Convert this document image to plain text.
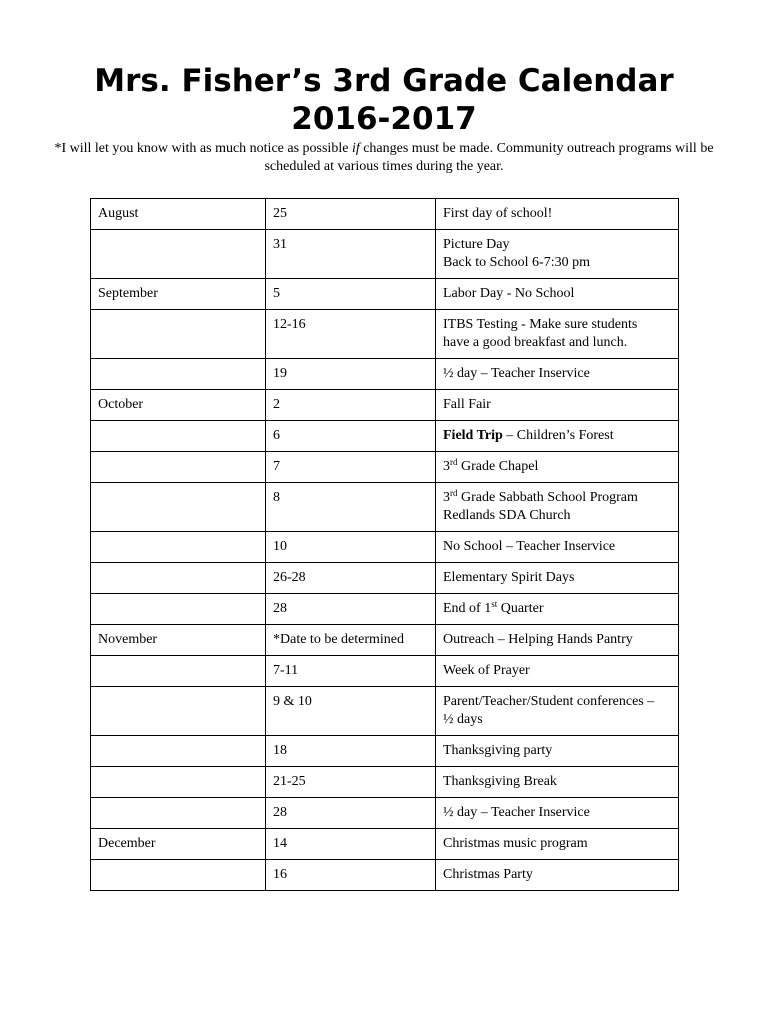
Mrs. Fisher’s 3rd Grade Calendar
2016-2017
*I will let you know with as much notice as possible if changes must be made. Community outreach programs will be scheduled at various times during the year.
August	25	First day of school!
	31	Picture Day
Back to School 6-7:30 pm

September	5	Labor Day - No School
	12-16	ITBS Testing - Make sure students
have a good breakfast and lunch.

	19	½ day – Teacher Inservice
October	2	Fall Fair
	6	Field Trip – Children’s Forest
	7	3rd Grade Chapel
	8	3rd Grade Sabbath School Program
Redlands SDA Church

	10	No School – Teacher Inservice
	26-28	Elementary Spirit Days
	28	End of 1st Quarter
November	*Date to be determined	Outreach – Helping Hands Pantry
	7-11	Week of Prayer
	9 & 10	Parent/Teacher/Student conferences –
½ days

	18	Thanksgiving party
	21-25	Thanksgiving Break
	28	½ day – Teacher Inservice
December	14	Christmas music program
	16	Christmas Party
